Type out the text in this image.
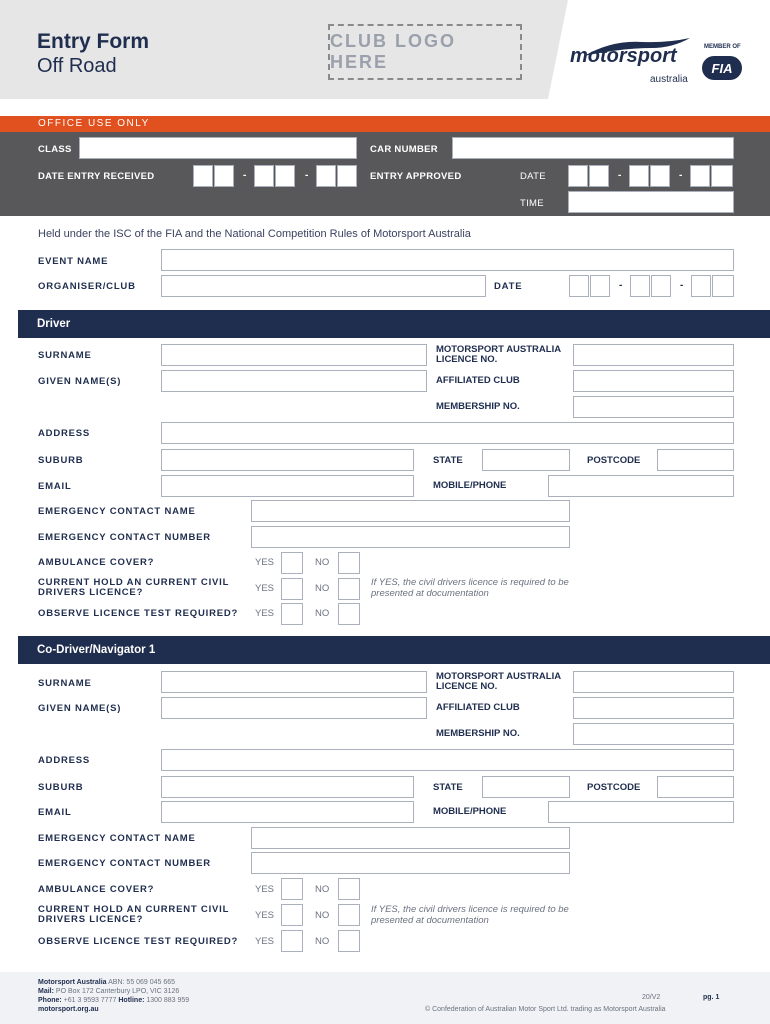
Entry Form
Off Road
CLUB LOGO HERE	motorsport
australia
MEMBER OF
FIA
OFFICE USE ONLY
CLASS	CAR NUMBER
DATE ENTRY RECEIVED	-	-	ENTRY APPROVED	DATE	-	-
TIME
Held under the ISC of the FIA and the National Competition Rules of Motorsport Australia
EVENT NAME
ORGANISER/CLUB	DATE	-	-
Driver
SURNAME
MOTORSPORT AUSTRALIA LICENCE NO.
GIVEN NAME(S)	AFFILIATED CLUB
MEMBERSHIP NO.
ADDRESS
SUBURB	STATE	POSTCODE
EMAIL	MOBILE/PHONE
EMERGENCY CONTACT NAME
EMERGENCY CONTACT NUMBER
AMBULANCE COVER?	YES	NO
CURRENT HOLD AN CURRENT CIVIL DRIVERS LICENCE?	YES	NO
If YES, the civil drivers licence is required to be presented at documentation
OBSERVE LICENCE TEST REQUIRED? YES	NO
Co-Driver/Navigator 1
SURNAME
MOTORSPORT AUSTRALIA LICENCE NO.
GIVEN NAME(S)	AFFILIATED CLUB
MEMBERSHIP NO.
ADDRESS
SUBURB	STATE	POSTCODE
EMAIL	MOBILE/PHONE
EMERGENCY CONTACT NAME
EMERGENCY CONTACT NUMBER
AMBULANCE COVER?	YES	NO
CURRENT HOLD AN CURRENT CIVIL DRIVERS LICENCE?	YES	NO
If YES, the civil drivers licence is required to be presented at documentation
OBSERVE LICENCE TEST REQUIRED? YES	NO
Motorsport Australia ABN: 55 069 045 665
Mail: PO Box 172 Canterbury LPO, VIC 3126
Phone: +61 3 9593 7777 Hotline: 1300 883 959
motorsport.org.au
20/V2	pg. 1
© Confederation of Australian Motor Sport Ltd. trading as Motorsport Australia
